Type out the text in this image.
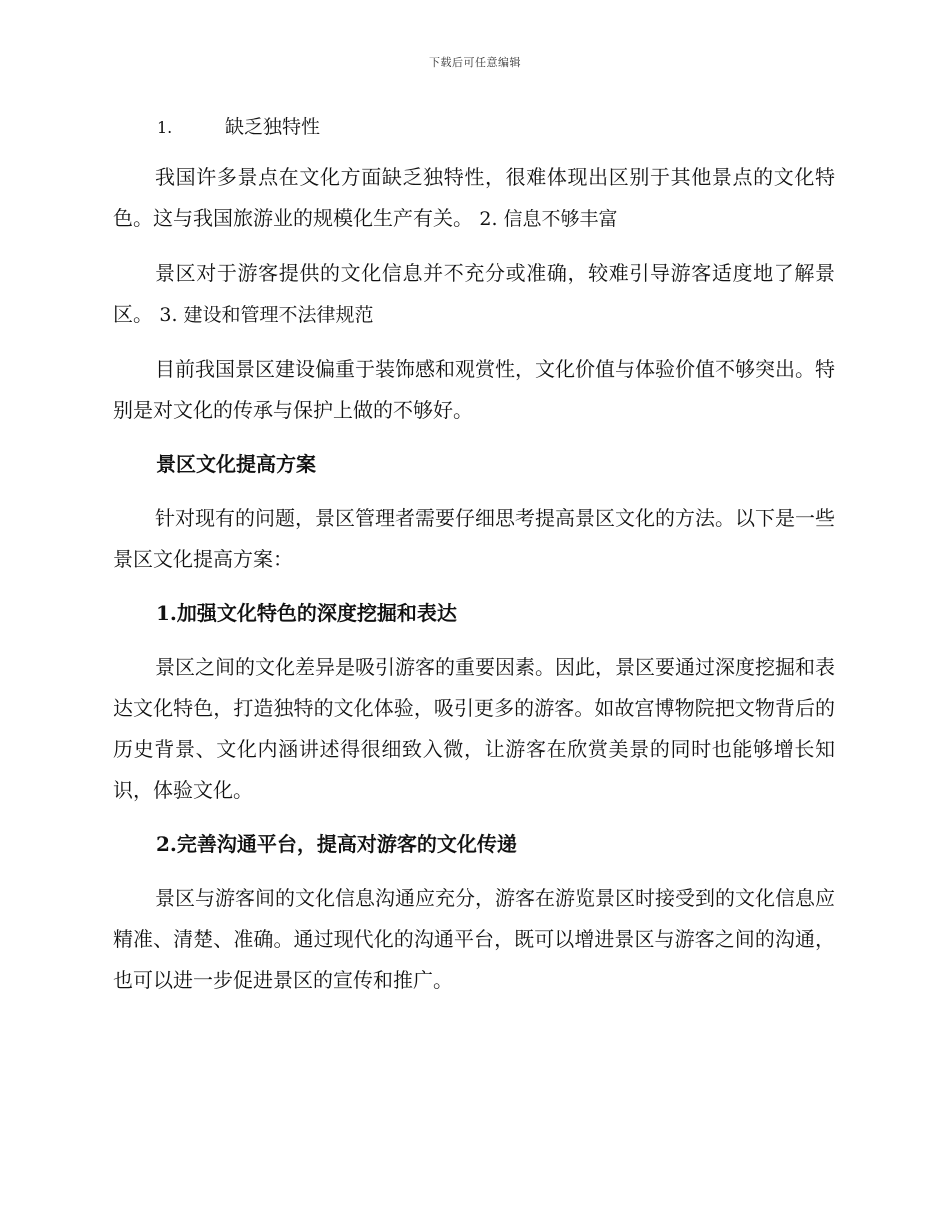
下载后可任意编辑
1.	缺乏独特性

我国许多景点在文化方面缺乏独特性，很难体现出区别于其他景点的文化特色。这与我国旅游业的规模化生产有关。 2. 信息不够丰富

景区对于游客提供的文化信息并不充分或准确，较难引导游客适度地了解景区。 3. 建设和管理不法律规范

目前我国景区建设偏重于装饰感和观赏性，文化价值与体验价值不够突出。特别是对文化的传承与保护上做的不够好。

景区文化提高方案

针对现有的问题，景区管理者需要仔细思考提高景区文化的方法。以下是一些景区文化提高方案：

1.加强文化特色的深度挖掘和表达

景区之间的文化差异是吸引游客的重要因素。因此，景区要通过深度挖掘和表达文化特色，打造独特的文化体验，吸引更多的游客。如故宫博物院把文物背后的历史背景、文化内涵讲述得很细致入微，让游客在欣赏美景的同时也能够增长知识，体验文化。

2.完善沟通平台，提高对游客的文化传递

景区与游客间的文化信息沟通应充分，游客在游览景区时接受到的文化信息应精准、清楚、准确。通过现代化的沟通平台，既可以增进景区与游客之间的沟通，也可以进一步促进景区的宣传和推广。
